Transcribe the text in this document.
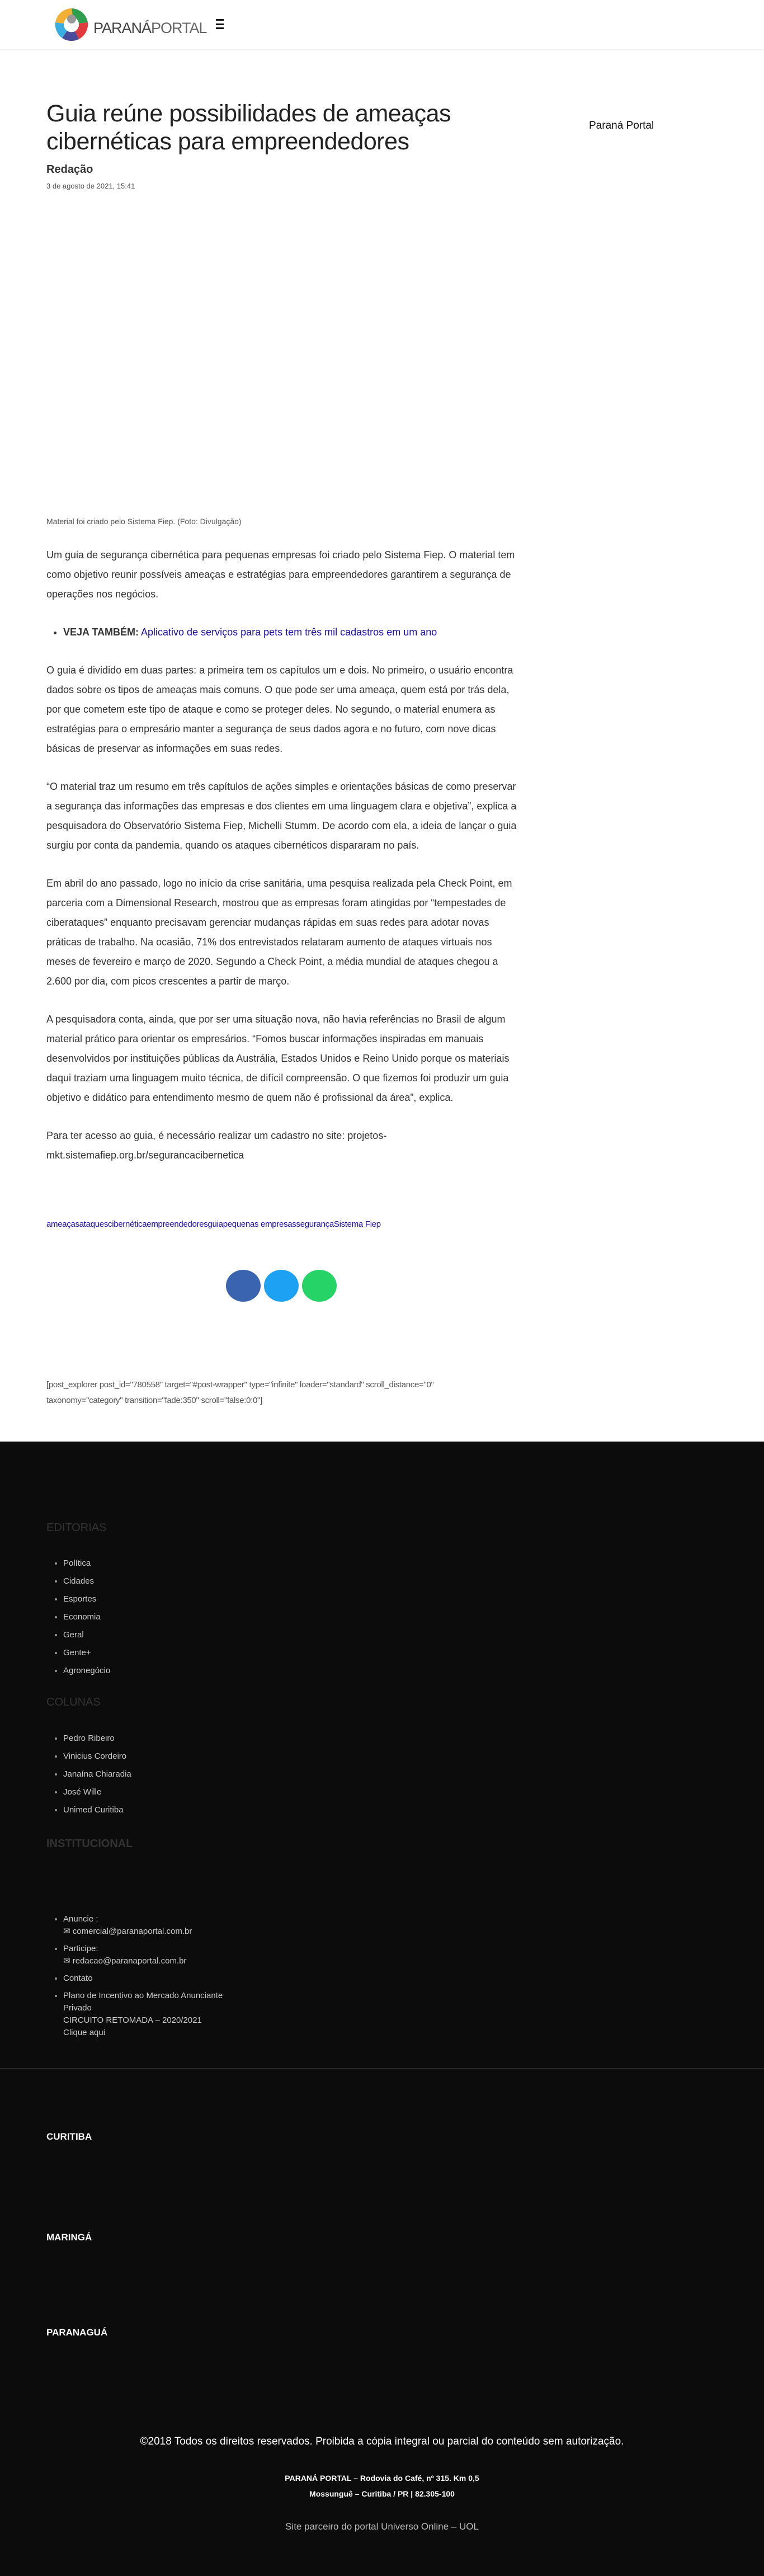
PARANÁPORTAL
Guia reúne possibilidades de ameaças cibernéticas para empreendedores
Redação
3 de agosto de 2021, 15:41
Paraná Portal
Material foi criado pelo Sistema Fiep. (Foto: Divulgação)

Um guia de segurança cibernética para pequenas empresas foi criado pelo Sistema Fiep. O material tem como objetivo reunir possíveis ameaças e estratégias para empreendedores garantirem a segurança de operações nos negócios.

• VEJA TAMBÉM: Aplicativo de serviços para pets tem três mil cadastros em um ano

O guia é dividido em duas partes: a primeira tem os capítulos um e dois. No primeiro, o usuário encontra dados sobre os tipos de ameaças mais comuns. O que pode ser uma ameaça, quem está por trás dela, por que cometem este tipo de ataque e como se proteger deles. No segundo, o material enumera as estratégias para o empresário manter a segurança de seus dados agora e no futuro, com nove dicas básicas de preservar as informações em suas redes.

“O material traz um resumo em três capítulos de ações simples e orientações básicas de como preservar a segurança das informações das empresas e dos clientes em uma linguagem clara e objetiva”, explica a pesquisadora do Observatório Sistema Fiep, Michelli Stumm. De acordo com ela, a ideia de lançar o guia surgiu por conta da pandemia, quando os ataques cibernéticos dispararam no país.

Em abril do ano passado, logo no início da crise sanitária, uma pesquisa realizada pela Check Point, em parceria com a Dimensional Research, mostrou que as empresas foram atingidas por “tempestades de ciberataques” enquanto precisavam gerenciar mudanças rápidas em suas redes para adotar novas práticas de trabalho. Na ocasião, 71% dos entrevistados relataram aumento de ataques virtuais nos meses de fevereiro e março de 2020. Segundo a Check Point, a média mundial de ataques chegou a 2.600 por dia, com picos crescentes a partir de março.

A pesquisadora conta, ainda, que por ser uma situação nova, não havia referências no Brasil de algum material prático para orientar os empresários. “Fomos buscar informações inspiradas em manuais desenvolvidos por instituições públicas da Austrália, Estados Unidos e Reino Unido porque os materiais daqui traziam uma linguagem muito técnica, de difícil compreensão. O que fizemos foi produzir um guia objetivo e didático para entendimento mesmo de quem não é profissional da área”, explica.

Para ter acesso ao guia, é necessário realizar um cadastro no site: projetos-mkt.sistemafiep.org.br/segurancacibernetica

ameaçasataquescibernéticaempreendedoresguiapequenas empresassegurançaSistema Fiep
[post_explorer post_id="780558" target="#post-wrapper" type="infinite" loader="standard" scroll_distance="0" taxonomy="category" transition="fade:350" scroll="false:0:0"]
EDITORIAS
• Política
• Cidades
• Esportes
• Economia
• Geral
• Gente+
• Agronegócio
COLUNAS
• Pedro Ribeiro
• Vinicius Cordeiro
• Janaína Chiaradia
• José Wille
• Unimed Curitiba
INSTITUCIONAL
• Anuncie :
✉ comercial@paranaportal.com.br
• Participe:
✉ redacao@paranaportal.com.br
• Contato
• Plano de Incentivo ao Mercado Anunciante
Privado
CIRCUITO RETOMADA – 2020/2021
Clique aqui
CURITIBA
MARINGÁ
PARANAGUÁ
©2018 Todos os direitos reservados. Proibida a cópia integral ou parcial do conteúdo sem autorização.
PARANÁ PORTAL – Rodovia do Café, nº 315. Km 0,5
Mossunguê – Curitiba / PR | 82.305-100
Site parceiro do portal Universo Online – UOL
